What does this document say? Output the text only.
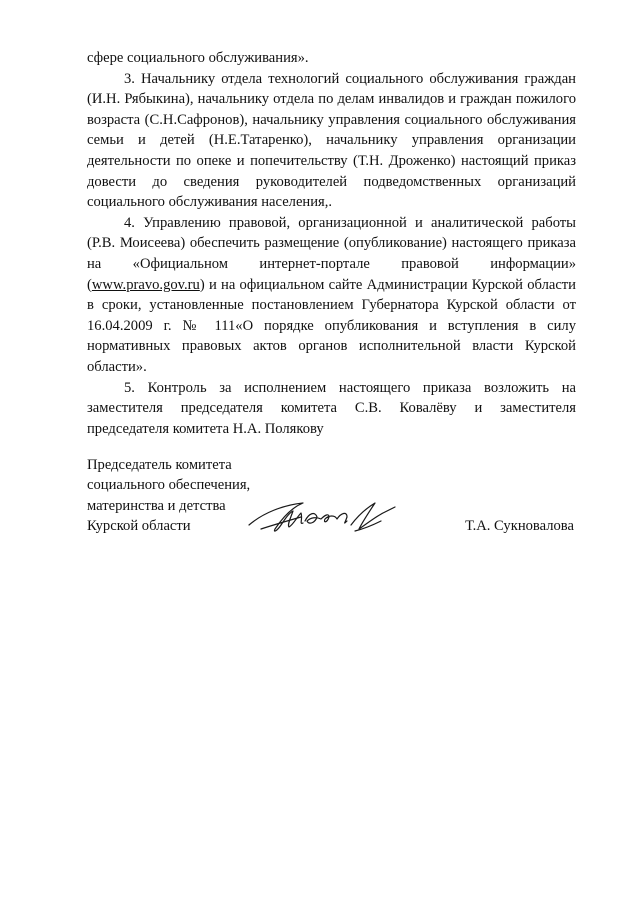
сфере социального обслуживания».

3. Начальнику отдела технологий социального обслуживания граждан (И.Н. Рябыкина), начальнику отдела по делам инвалидов и граждан пожилого возраста (С.Н.Сафронов), начальнику управления социального обслуживания семьи и детей (Н.Е.Татаренко), начальнику управления организации деятельности по опеке и попечительству (Т.Н. Дроженко) настоящий приказ довести до сведения руководителей подведомственных организаций социального обслуживания населения,.

4. Управлению правовой, организационной и аналитической работы (Р.В. Моисеева) обеспечить размещение (опубликование) настоящего приказа на «Официальном интернет-портале правовой информации» (www.pravo.gov.ru) и на официальном сайте Администрации Курской области в сроки, установленные постановлением Губернатора Курской области от 16.04.2009 г. № 111«О порядке опубликования и вступления в силу нормативных правовых актов органов исполнительной власти Курской области».

5. Контроль за исполнением настоящего приказа возложить на заместителя председателя комитета С.В. Ковалёву и заместителя председателя комитета Н.А. Полякову

Председатель комитета
социального обеспечения,
материнства и детства
Курской области	Т.А. Сукновалова
